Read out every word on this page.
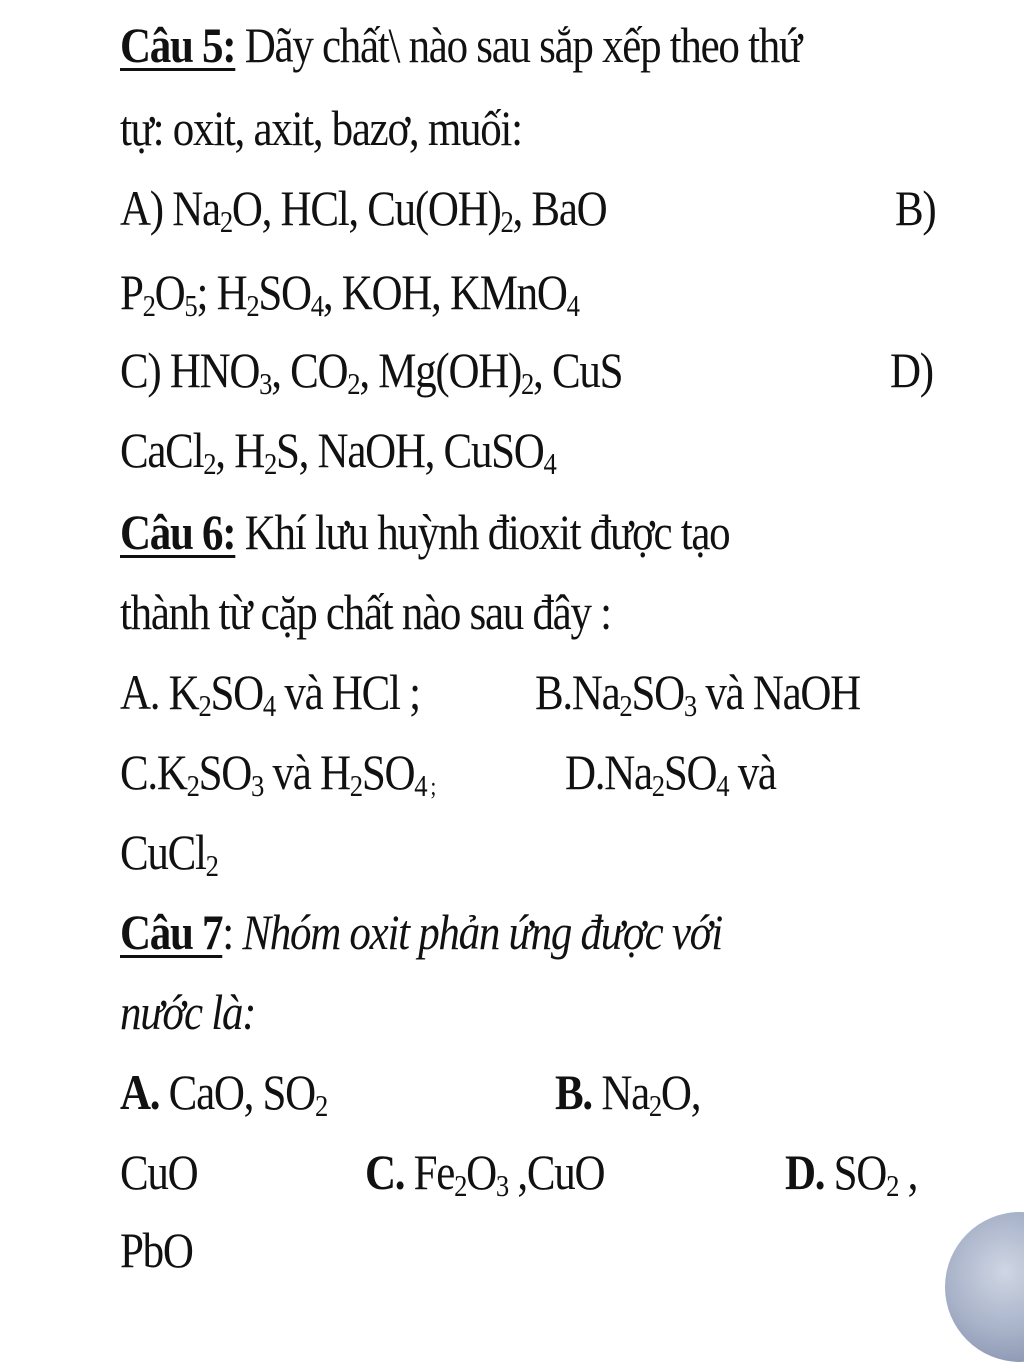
Câu 5: Dãy chất\ nào sau sắp xếp theo thứ
tự: oxit, axit, bazơ, muối:
A) $Na_2O$, HCl, $Cu(OH)_2$, BaO	B)
$P_2O_5$; $H_2SO_4$, KOH, KMnO$_4$
C) $HNO_3$, $CO_2$, $Mg(OH)_2$, CuS	D)
CaCl$_2$, $H_2S$, NaOH, CuSO$_4$
Câu 6: Khí lưu huỳnh đioxit được tạo
thành từ cặp chất nào sau đây :
A. $K_2SO_4$ và HCl ; $B.Na_2SO_3$ và NaOH
$C.K_2SO_3$ và $H_2SO_4$ $_;$	$D.Na_2SO_4$ và
CuCl$_2$
Câu 7: Nhóm oxit phản ứng được với
nước là:
A. CaO, $SO_2$	B. $Na_2O$,
CuO	C. $Fe_2O_3$ ,CuO	D. $SO_2$ ,
PbO
